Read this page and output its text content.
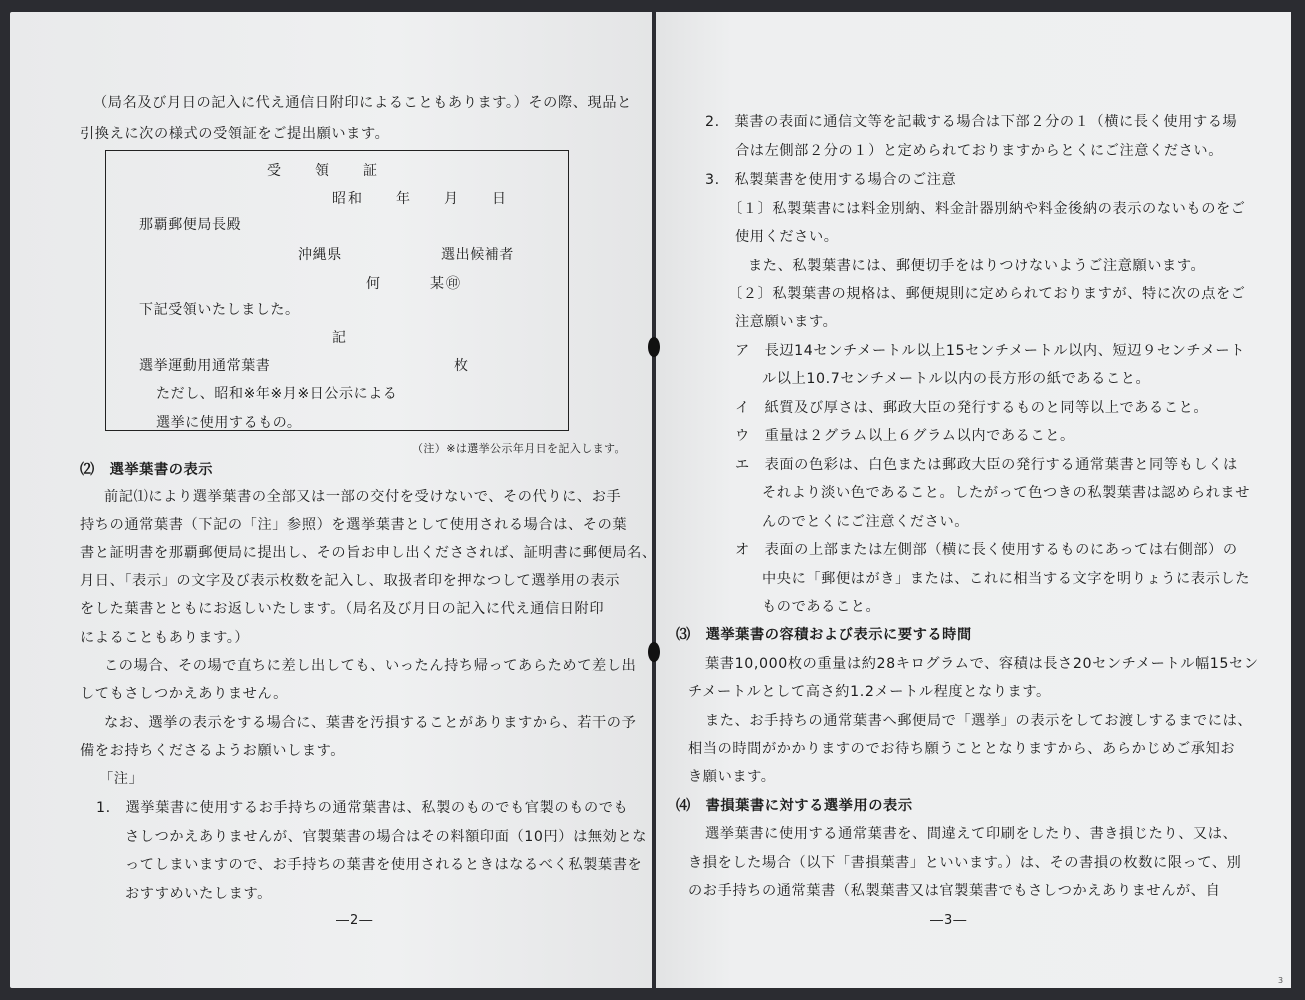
（局名及び月日の記入に代え通信日附印によることもあります。）その際、現品と
引換えに次の様式の受領証をご提出願います。
受　　領　　証
昭和　　年　　月　　日
那覇郵便局長殿
沖縄県	選出候補者
何　　　某㊞
下記受領いたしました。
記
選挙運動用通常葉書	枚
ただし、昭和※年※月※日公示による
選挙に使用するもの。
（注）※は選挙公示年月日を記入します。
⑵　選挙葉書の表示
前記⑴により選挙葉書の全部又は一部の交付を受けないで、その代りに、お手
持ちの通常葉書（下記の「注」参照）を選挙葉書として使用される場合は、その葉
書と証明書を那覇郵便局に提出し、その旨お申し出くださされば、証明書に郵便局名、
月日、「表示」の文字及び表示枚数を記入し、取扱者印を押なつして選挙用の表示
をした葉書とともにお返しいたします。（局名及び月日の記入に代え通信日附印
によることもあります。）
この場合、その場で直ちに差し出しても、いったん持ち帰ってあらためて差し出
してもさしつかえありません。
なお、選挙の表示をする場合に、葉書を汚損することがありますから、若干の予
備をお持ちくださるようお願いします。
「注」
1.　選挙葉書に使用するお手持ちの通常葉書は、私製のものでも官製のものでも
さしつかえありませんが、官製葉書の場合はその料額印面（10円）は無効とな
ってしまいますので、お手持ちの葉書を使用されるときはなるべく私製葉書を
おすすめいたします。
―2―
2.　葉書の表面に通信文等を記載する場合は下部２分の１（横に長く使用する場
合は左側部２分の１）と定められておりますからとくにご注意ください。
3.　私製葉書を使用する場合のご注意
〔１〕私製葉書には料金別納、料金計器別納や料金後納の表示のないものをご
使用ください。
また、私製葉書には、郵便切手をはりつけないようご注意願います。
〔２〕私製葉書の規格は、郵便規則に定められておりますが、特に次の点をご
注意願います。
ア　長辺14センチメートル以上15センチメートル以内、短辺９センチメート
ル以上10.7センチメートル以内の長方形の紙であること。
イ　紙質及び厚さは、郵政大臣の発行するものと同等以上であること。
ウ　重量は２グラム以上６グラム以内であること。
エ　表面の色彩は、白色または郵政大臣の発行する通常葉書と同等もしくは
それより淡い色であること。したがって色つきの私製葉書は認められませ
んのでとくにご注意ください。
オ　表面の上部または左側部（横に長く使用するものにあっては右側部）の
中央に「郵便はがき」または、これに相当する文字を明りょうに表示した
ものであること。
⑶　選挙葉書の容積および表示に要する時間
葉書10,000枚の重量は約28キログラムで、容積は長さ20センチメートル幅15セン
チメートルとして高さ約1.2メートル程度となります。
また、お手持ちの通常葉書へ郵便局で「選挙」の表示をしてお渡しするまでには、
相当の時間がかかりますのでお待ち願うこととなりますから、あらかじめご承知お
き願います。
⑷　書損葉書に対する選挙用の表示
選挙葉書に使用する通常葉書を、間違えて印刷をしたり、書き損じたり、又は、
き損をした場合（以下「書損葉書」といいます。）は、その書損の枚数に限って、別
のお手持ちの通常葉書（私製葉書又は官製葉書でもさしつかえありませんが、自
―3―
3
